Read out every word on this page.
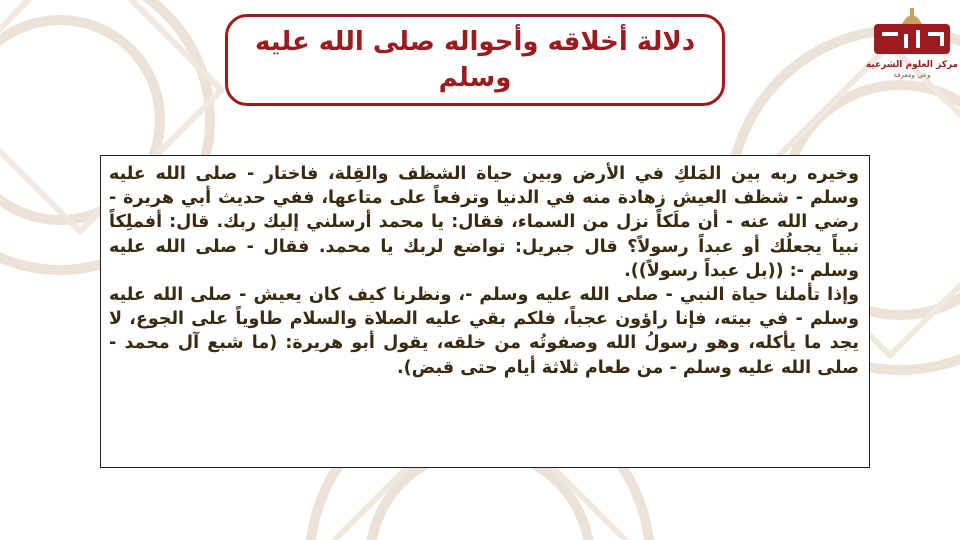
دلالة أخلاقه وأحواله صلى الله عليه
وسلم	مركز العلوم الشرعية
وعي ومعرفة

وخيره ربه بين المَلكِ في الأرض وبين حياة الشظف والقِلة، فاختار - صلى الله عليه وسلم - شظف العيش زهادة منه في الدنيا وترفعاً على متاعها، ففي حديث أبي هريرة - رضي الله عنه - أن ملَكاً نزل من السماء، فقال: يا محمد أرسلني إليك ربك. قال: أفملِكاً نبياً يجعلُك أو عبداً رسولاً؟ قال جبريل: تواضع لربك يا محمد. فقال - صلى الله عليه وسلم -: ((بل عبداً رسولاً)).

وإذا تأملنا حياة النبي - صلى الله عليه وسلم -، ونظرنا كيف كان يعيش - صلى الله عليه وسلم - في بيته، فإنا راؤون عجباً، فلكم بقي عليه الصلاة والسلام طاوياً على الجوع، لا يجد ما يأكله، وهو رسولُ الله وصفوتُه من خلقه، يقول أبو هريرة: (ما شبع آل محمد - صلى الله عليه وسلم - من طعام ثلاثة أيام حتى قبض).
